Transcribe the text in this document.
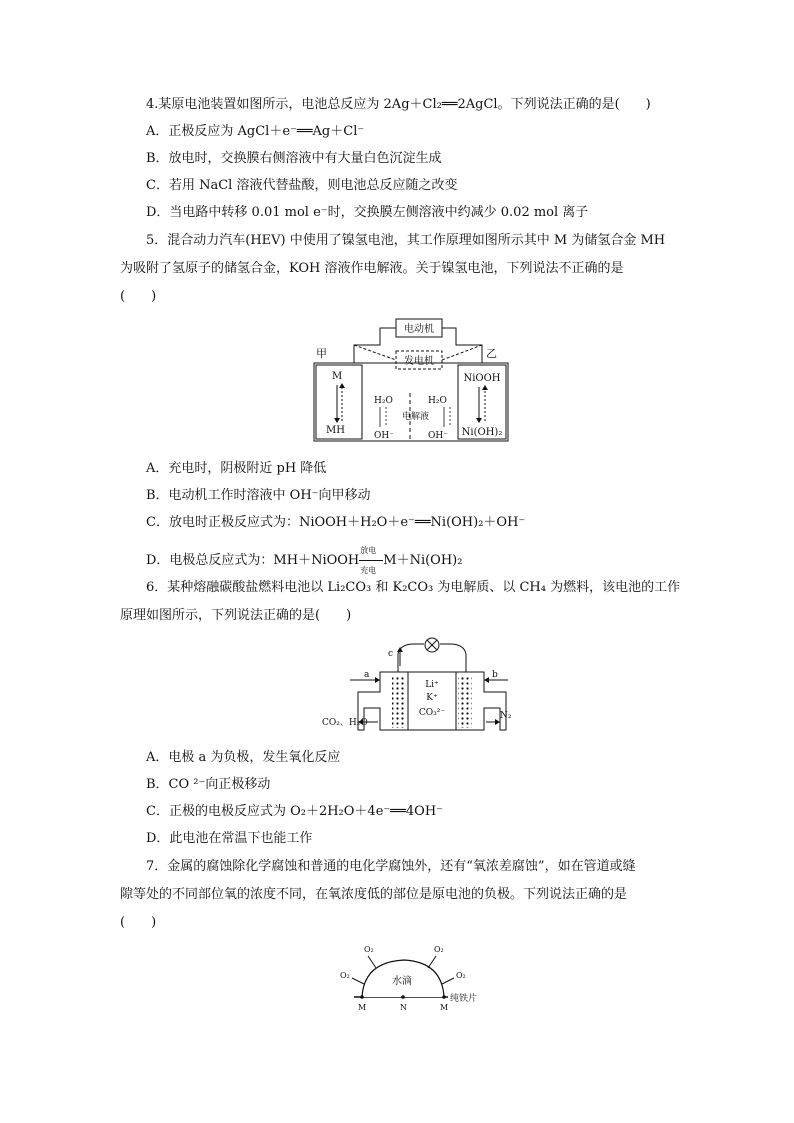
4.某原电池装置如图所示，电池总反应为 2Ag＋Cl₂══2AgCl。下列说法正确的是(　　)
A．正极反应为 AgCl＋e⁻══Ag＋Cl⁻
B．放电时，交换膜右侧溶液中有大量白色沉淀生成
C．若用 NaCl 溶液代替盐酸，则电池总反应随之改变
D．当电路中转移 0.01 mol e⁻时，交换膜左侧溶液中约减少 0.02 mol 离子
5．混合动力汽车(HEV) 中使用了镍氢电池，其工作原理如图所示其中 M 为储氢合金 MH
为吸附了氢原子的储氢合金，KOH 溶液作电解液。关于镍氢电池，下列说法不正确的是
(　　)
电动机
发电机
甲	乙
M
MH
NiOOH
Ni(OH)₂
H₂O
OH⁻
电解液
H₂O
OH⁻
A．充电时，阴极附近 pH 降低
B．电动机工作时溶液中 OH⁻向甲移动
C．放电时正极反应式为：NiOOH＋H₂O＋e⁻══Ni(OH)₂＋OH⁻
D．电极总反应式为：MH＋NiOOH
放电
充电
M＋Ni(OH)₂
6．某种熔融碳酸盐燃料电池以 Li₂CO₃ 和 K₂CO₃ 为电解质、以 CH₄ 为燃料，该电池的工作
原理如图所示，下列说法正确的是(　　)
c
Li⁺
K⁺
CO₃²⁻
a	b
CO₂、H₂O
N₂
A．电极 a 为负极，发生氧化反应
B．CO ²⁻向正极移动
C．正极的电极反应式为 O₂＋2H₂O＋4e⁻══4OH⁻
D．此电池在常温下也能工作
7．金属的腐蚀除化学腐蚀和普通的电化学腐蚀外，还有“氧浓差腐蚀”，如在管道或缝
隙等处的不同部位氧的浓度不同，在氧浓度低的部位是原电池的负极。下列说法正确的是
(　　)
水滴
O₂
O₂	O₂
O₂
M	N	M
纯铁片
